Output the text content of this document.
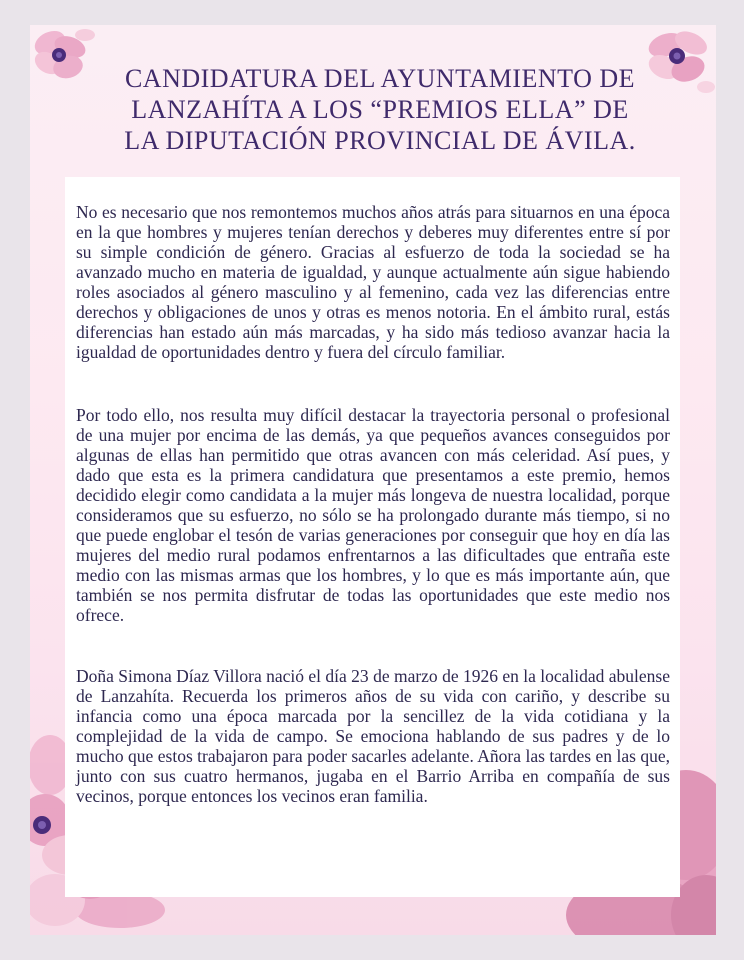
CANDIDATURA DEL AYUNTAMIENTO DE LANZAHÍTA A LOS “PREMIOS ELLA” DE LA DIPUTACIÓN PROVINCIAL DE ÁVILA.

No es necesario que nos remontemos muchos años atrás para situarnos en una época en la que hombres y mujeres tenían derechos y deberes muy diferentes entre sí por su simple condición de género. Gracias al esfuerzo de toda la sociedad se ha avanzado mucho en materia de igualdad, y aunque actualmente aún sigue habiendo roles asociados al género masculino y al femenino, cada vez las diferencias entre derechos y obligaciones de unos y otras es menos notoria. En el ámbito rural, estás diferencias han estado aún más marcadas, y ha sido más tedioso avanzar hacia la igualdad de oportunidades dentro y fuera del círculo familiar.

Por todo ello, nos resulta muy difícil destacar la trayectoria personal o profesional de una mujer por encima de las demás, ya que pequeños avances conseguidos por algunas de ellas han permitido que otras avancen con más celeridad. Así pues, y dado que esta es la primera candidatura que presentamos a este premio, hemos decidido elegir como candidata a la mujer más longeva de nuestra localidad, porque consideramos que su esfuerzo, no sólo se ha prolongado durante más tiempo, si no que puede englobar el tesón de varias generaciones por conseguir que hoy en día las mujeres del medio rural podamos enfrentarnos a las dificultades que entraña este medio con las mismas armas que los hombres, y lo que es más importante aún, que también se nos permita disfrutar de todas las oportunidades que este medio nos ofrece.

Doña Simona Díaz Villora nació el día 23 de marzo de 1926 en la localidad abulense de Lanzahíta. Recuerda los primeros años de su vida con cariño, y describe su infancia como una época marcada por la sencillez de la vida cotidiana y la complejidad de la vida de campo. Se emociona hablando de sus padres y de lo mucho que estos trabajaron para poder sacarles adelante. Añora las tardes en las que, junto con sus cuatro hermanos, jugaba en el Barrio Arriba en compañía de sus vecinos, porque entonces los vecinos eran familia.
